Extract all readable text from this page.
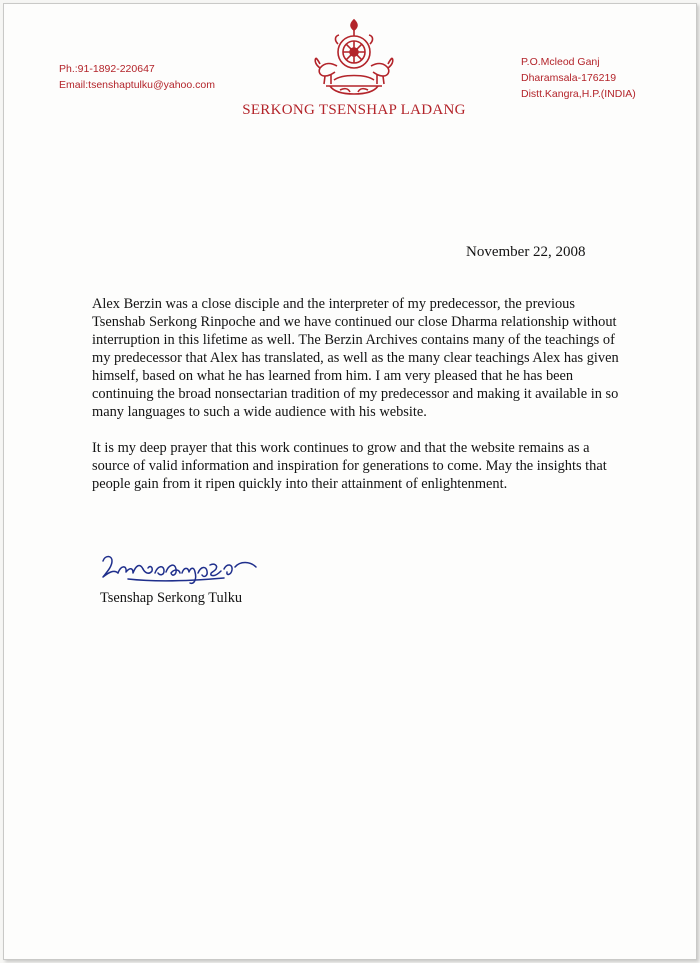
Ph.:91-1892-220647
Email:tsenshaptulku@yahoo.com
SERKONG TSENSHAP LADANG
P.O.Mcleod Ganj
Dharamsala-176219
Distt.Kangra,H.P.(INDIA)
November 22, 2008

Alex Berzin was a close disciple and the interpreter of my predecessor, the previous Tsenshab Serkong Rinpoche and we have continued our close Dharma relationship without interruption in this lifetime as well. The Berzin Archives contains many of the teachings of my predecessor that Alex has translated, as well as the many clear teachings Alex has given himself, based on what he has learned from him. I am very pleased that he has been continuing the broad nonsectarian tradition of my predecessor and making it available in so many languages to such a wide audience with his website.

It is my deep prayer that this work continues to grow and that the website remains as a source of valid information and inspiration for generations to come. May the insights that people gain from it ripen quickly into their attainment of enlightenment.

Tsenshap Serkong Tulku
